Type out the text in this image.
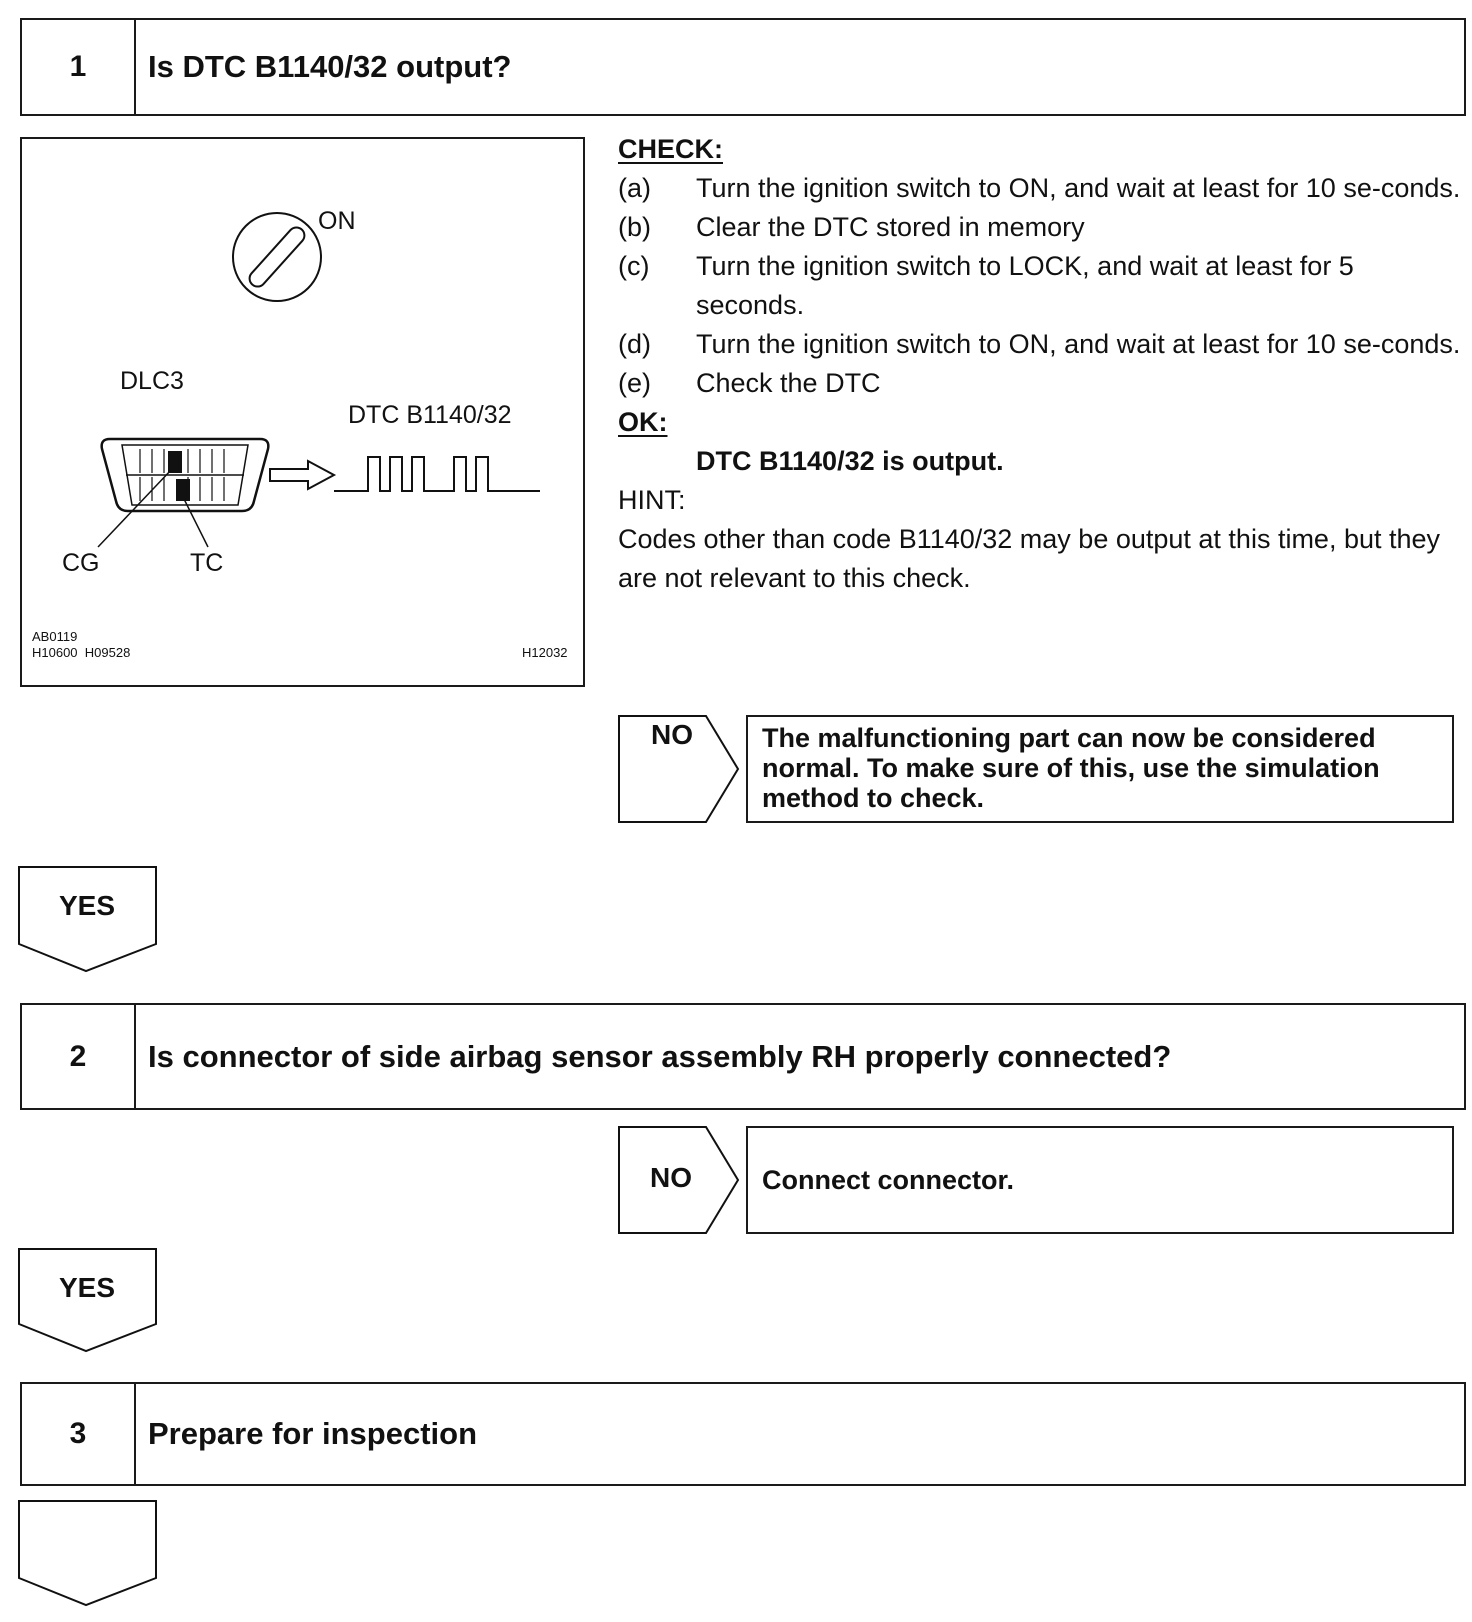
1	Is DTC B1140/32 output?
ON
DLC3
DTC B1140/32
CG	TC
AB0119
H10600  H09528	H12032
CHECK:
(a)	Turn the ignition switch to ON, and wait at least for 10 se-conds.
(b)	Clear the DTC stored in memory
(c)	Turn the ignition switch to LOCK, and wait at least for 5 seconds.
(d)	Turn the ignition switch to ON, and wait at least for 10 se-conds.
(e)	Check the DTC
OK:
DTC B1140/32 is output.
HINT:
Codes other than code B1140/32 may be output at this time, but they are not relevant to this check.
NO	The malfunctioning part can now be considered normal. To make sure of this, use the simulation method to check.
YES
2	Is connector of side airbag sensor assembly RH properly connected?
NO	Connect connector.
YES
3	Prepare for inspection
